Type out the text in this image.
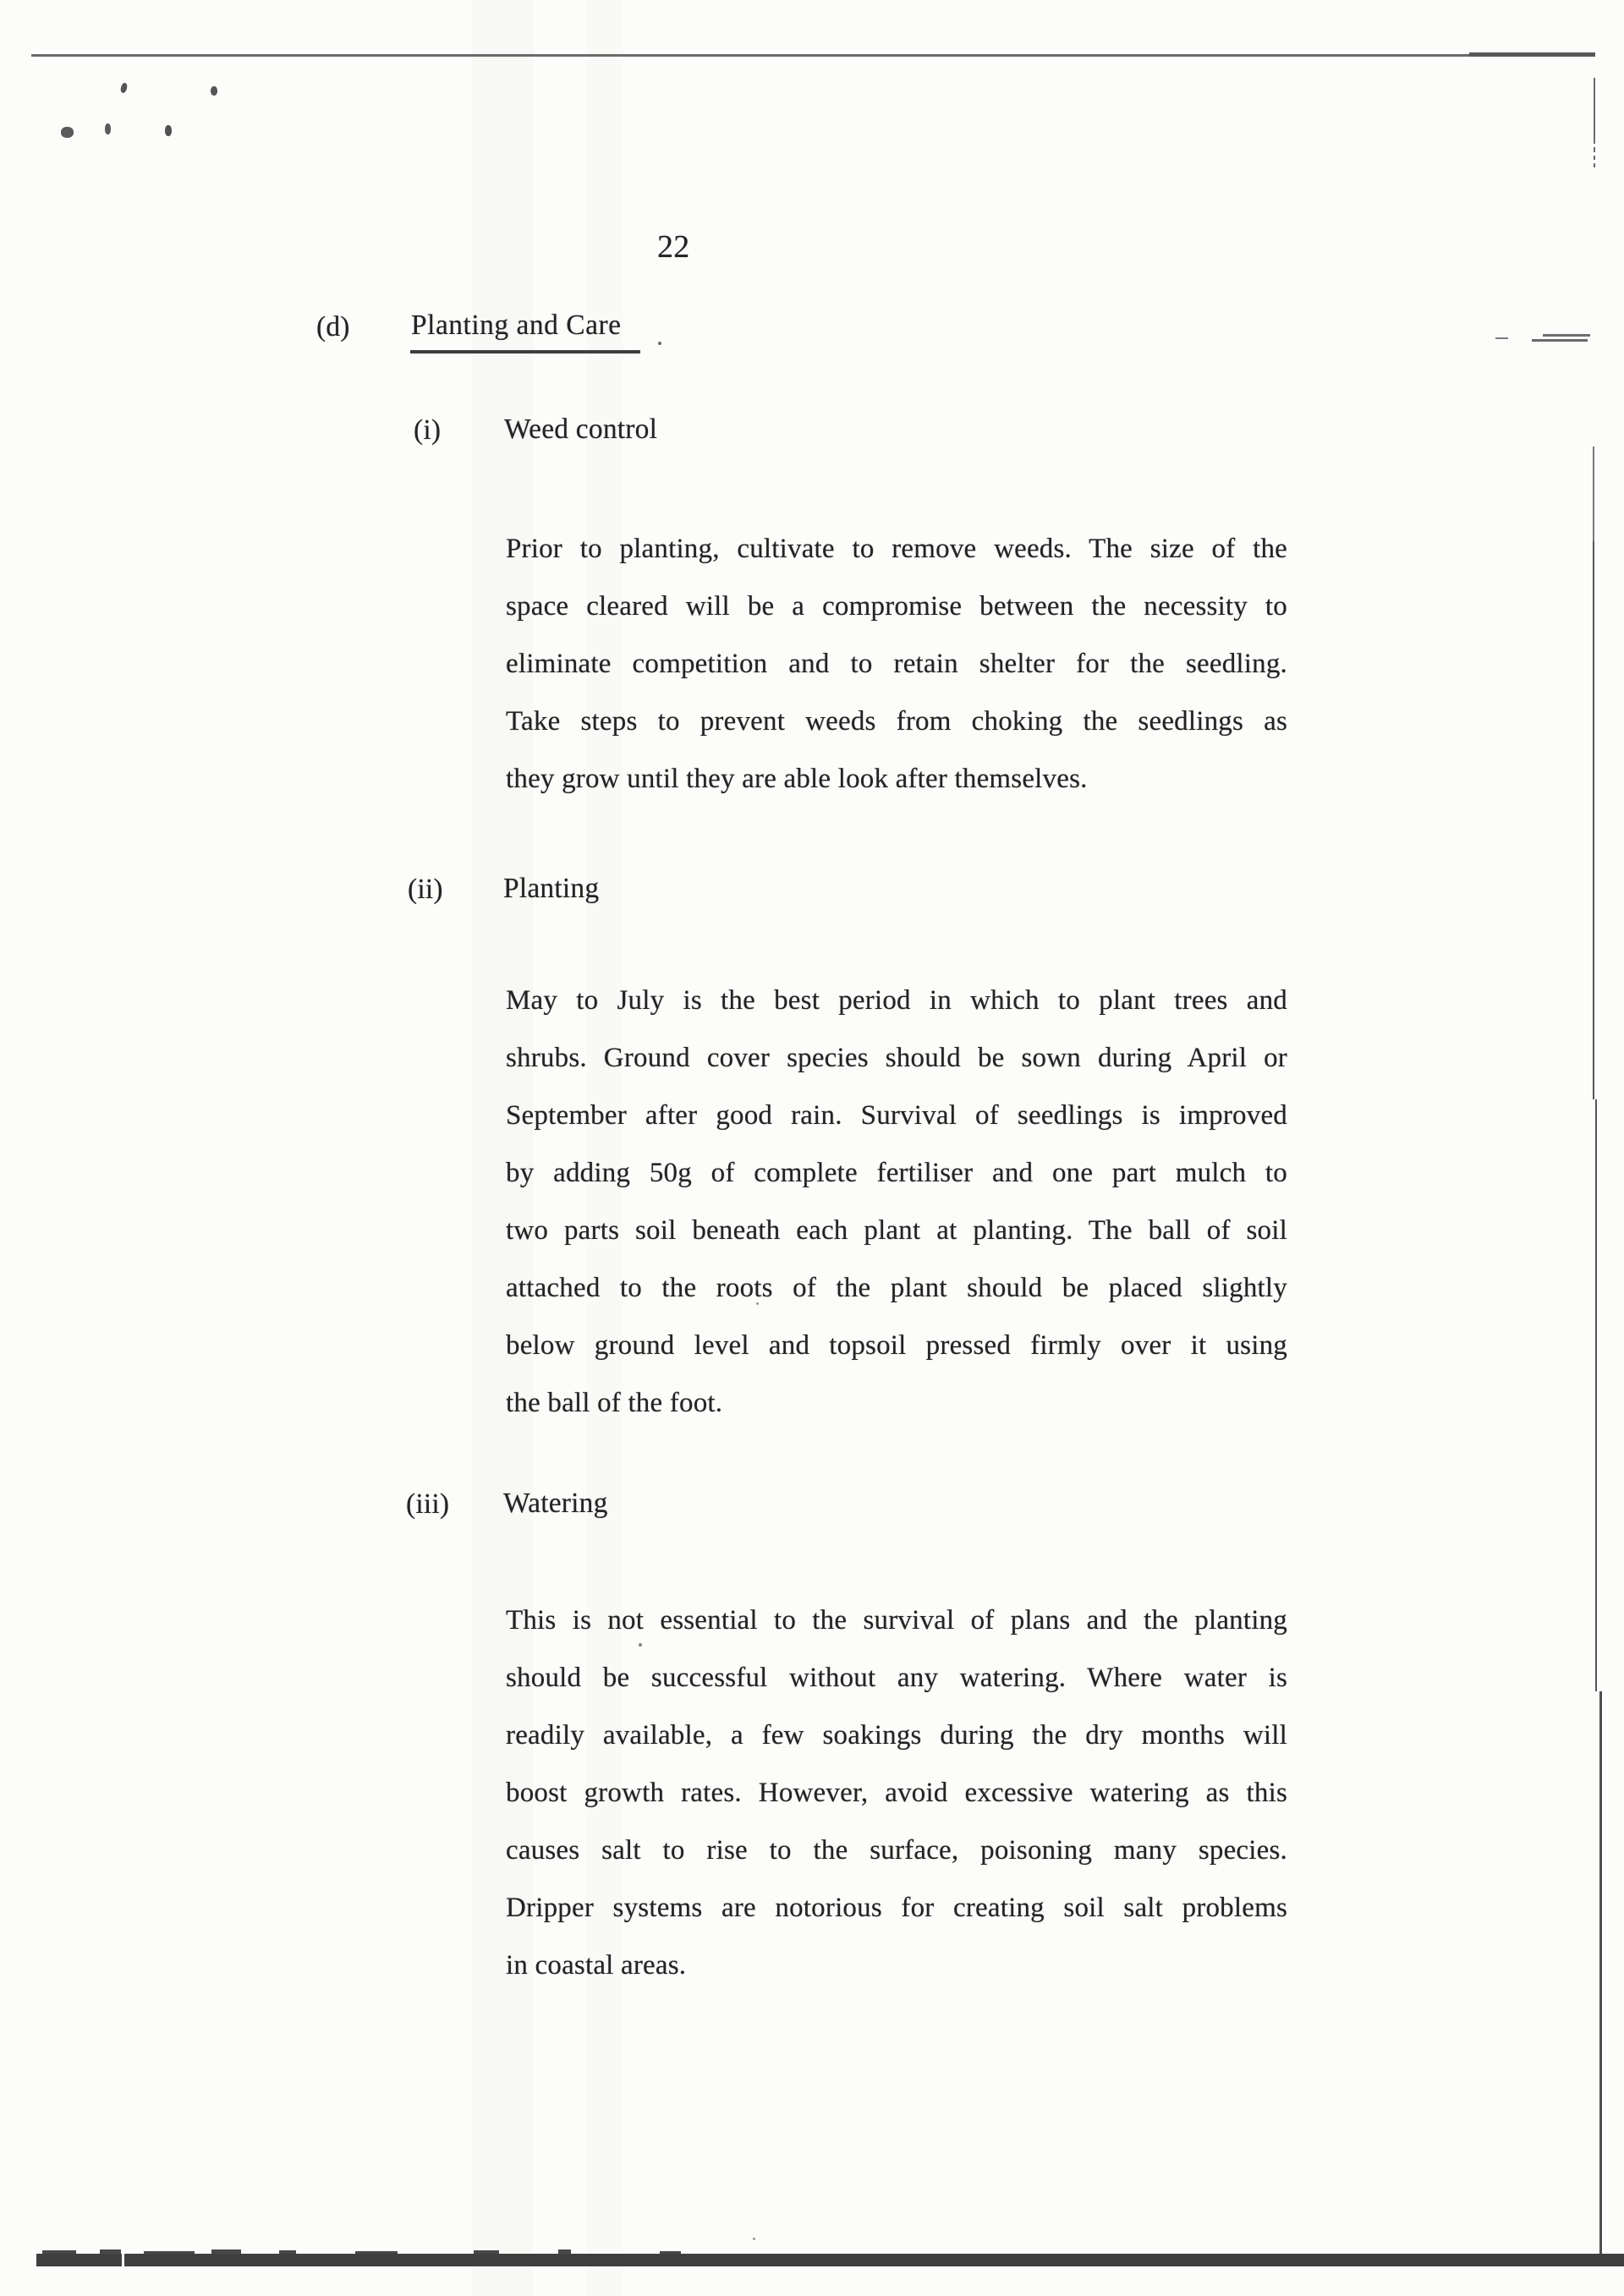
22
(d) Planting and Care
(i) Weed control
Prior to planting, cultivate to remove weeds. The size of the
space cleared will be a compromise between the necessity to
eliminate competition and to retain shelter for the seedling.
Take steps to prevent weeds from choking the seedlings as
they grow until they are able look after themselves.
(ii) Planting
May to July is the best period in which to plant trees and
shrubs. Ground cover species should be sown during April or
September after good rain. Survival of seedlings is improved
by adding 50g of complete fertiliser and one part mulch to
two parts soil beneath each plant at planting. The ball of soil
attached to the roots of the plant should be placed slightly
below ground level and topsoil pressed firmly over it using
the ball of the foot.
(iii) Watering
This is not essential to the survival of plans and the planting
should be successful without any watering. Where water is
readily available, a few soakings during the dry months will
boost growth rates. However, avoid excessive watering as this
causes salt to rise to the surface, poisoning many species.
Dripper systems are notorious for creating soil salt problems
in coastal areas.
